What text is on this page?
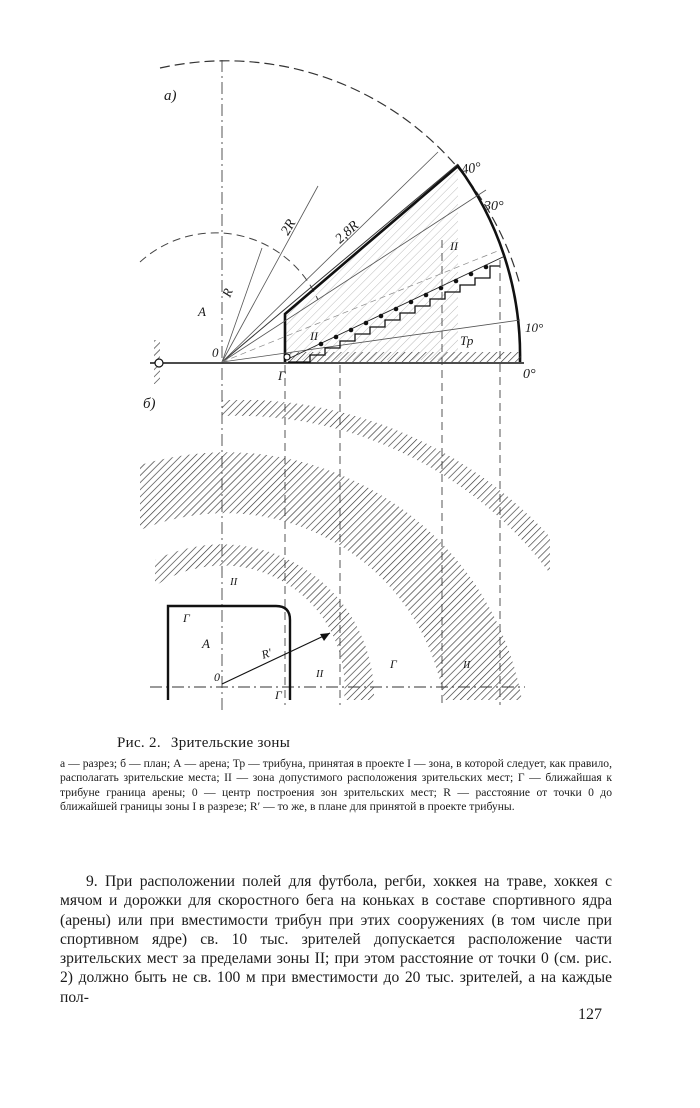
а)
40°
30°
10°
0°
2R 2,8R
R
А
0
Г
II
II
Тр
б)
II
Г
А
R'
0
Г
II
Г	II
Рис. 2. Зрительские зоны
а — разрез; б — план; А — арена; Тр — трибуна, принятая в проекте I — зона, в которой следует, как правило, располагать зрительские места; II — зона допустимого расположения зрительских мест; Г — ближайшая к трибуне граница арены; 0 — центр построения зон зрительских мест; R — расстояние от точки 0 до ближайшей границы зоны I в разрезе; R′ — то же, в плане для принятой в проекте трибуны.
9. При расположении полей для футбола, регби, хоккея на траве, хоккея с мячом и дорожки для скоростного бега на коньках в составе спортивного ядра (арены) или при вместимости трибун при этих сооружениях (в том числе при спортивном ядре) св. 10 тыс. зрителей допускается расположение части зрительских мест за пределами зоны II; при этом расстояние от точки 0 (см. рис. 2) должно быть не св. 100 м при вместимости до 20 тыс. зрителей, а на каждые пол-
127
